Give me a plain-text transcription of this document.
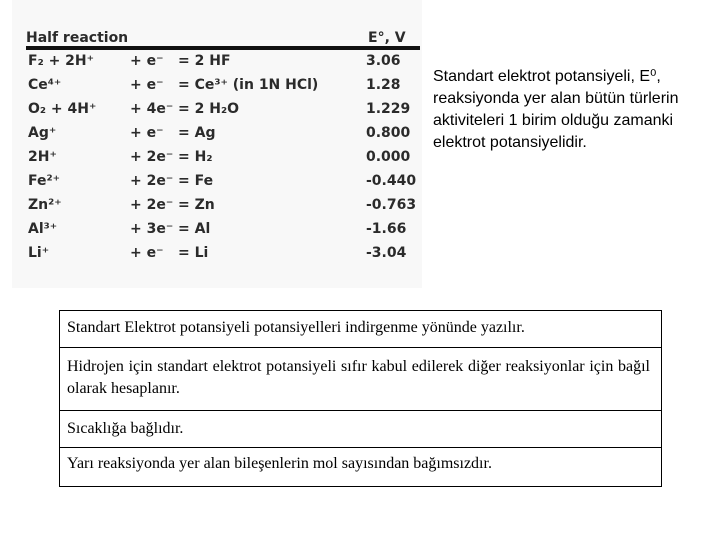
Half reaction	E°, V
F₂ + 2H⁺	+ e⁻	= 2 HF	3.06
Ce⁴⁺	+ e⁻	= Ce³⁺ (in 1N HCl)	1.28
O₂ + 4H⁺	+ 4e⁻	= 2 H₂O	1.229
Ag⁺	+ e⁻	= Ag	0.800
2H⁺	+ 2e⁻	= H₂	0.000
Fe²⁺	+ 2e⁻	= Fe	-0.440
Zn²⁺	+ 2e⁻	= Zn	-0.763
Al³⁺	+ 3e⁻	= Al	-1.66
Li⁺	+ e⁻	= Li	-3.04
Standart elektrot potansiyeli, E⁰, reaksiyonda yer alan bütün türlerin aktiviteleri 1 birim olduğu zamanki elektrot potansiyelidir.
Standart Elektrot potansiyeli potansiyelleri indirgenme yönünde yazılır.
Hidrojen için standart elektrot potansiyeli sıfır kabul edilerek diğer reaksiyonlar için bağıl olarak hesaplanır.
Sıcaklığa bağlıdır.
Yarı reaksiyonda yer alan bileşenlerin mol sayısından bağımsızdır.
